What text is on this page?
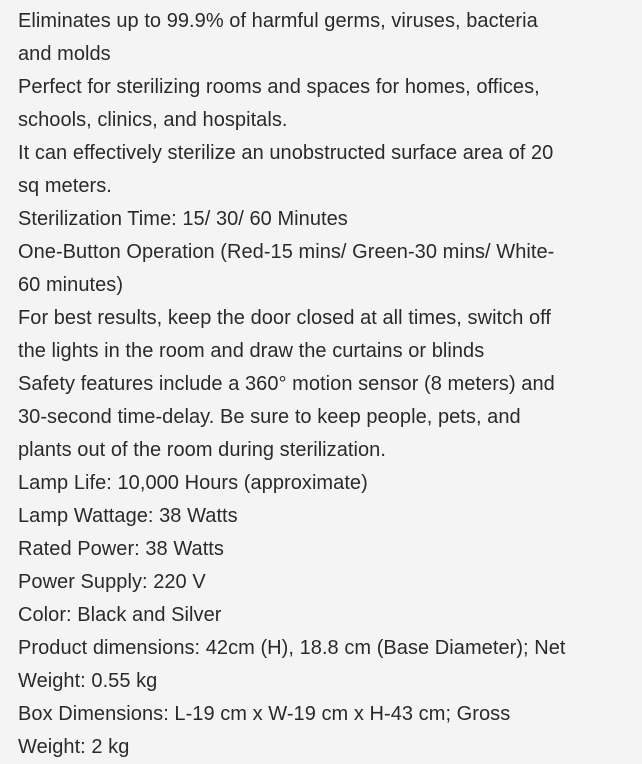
Eliminates up to 99.9% of harmful germs, viruses, bacteria
and molds
Perfect for sterilizing rooms and spaces for homes, offices,
schools, clinics, and hospitals.
It can effectively sterilize an unobstructed surface area of 20
sq meters.
Sterilization Time: 15/ 30/ 60 Minutes
One-Button Operation (Red-15 mins/ Green-30 mins/ White-
60 minutes)
For best results, keep the door closed at all times, switch off
the lights in the room and draw the curtains or blinds
Safety features include a 360° motion sensor (8 meters) and
30-second time-delay. Be sure to keep people, pets, and
plants out of the room during sterilization.
Lamp Life: 10,000 Hours (approximate)
Lamp Wattage: 38 Watts
Rated Power: 38 Watts
Power Supply: 220 V
Color: Black and Silver
Product dimensions: 42cm (H), 18.8 cm (Base Diameter); Net
Weight: 0.55 kg
Box Dimensions: L-19 cm x W-19 cm x H-43 cm; Gross
Weight: 2 kg
